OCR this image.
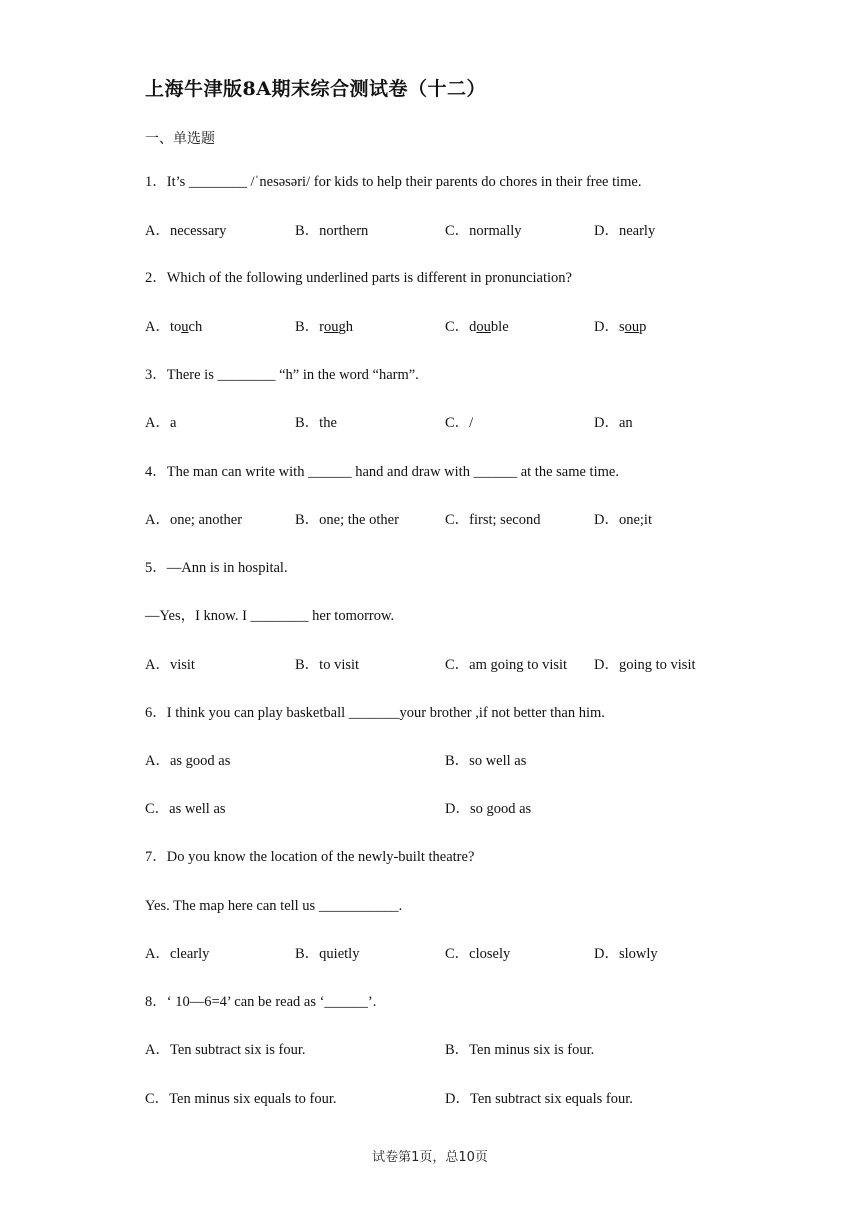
上海牛津版8A期末综合测试卷（十二）
一、单选题
1．It’s ________ /ˈnesəsəri/ for kids to help their parents do chores in their free time.
A．necessary	B．northern	C．normally	D．nearly
2．Which of the following underlined parts is different in pronunciation?
A．touch	B．rough	C．double	D．soup
3．There is ________ “h” in the word “harm”.
A．a	B．the	C．/	D．an
4．The man can write with ______ hand and draw with ______ at the same time.
A．one; another	B．one; the other	C．first; second	D．one;it
5．—Ann is in hospital.
—Yes，I know. I ________ her tomorrow.
A．visit	B．to visit	C．am going to visit D．going to visit
6．I think you can play basketball _______your brother ,if not better than him.
A．as good as	B．so well as
C．as well as	D．so good as
7．Do you know the location of the newly-built theatre?
Yes. The map here can tell us ___________.
A．clearly	B．quietly	C．closely	D．slowly
8．‘ 10—6=4’ can be read as ‘______’.
A．Ten subtract six is four.	B．Ten minus six is four.
C．Ten minus six equals to four.	D．Ten subtract six equals four.
试卷第1页，总10页
